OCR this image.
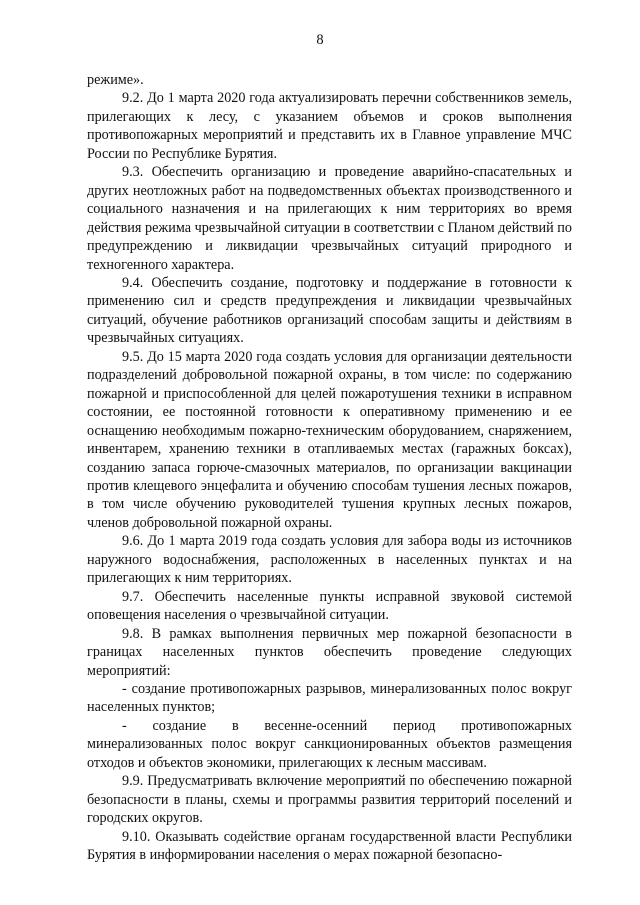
8

режиме».

9.2. До 1 марта 2020 года актуализировать перечни собственников земель, прилегающих к лесу, с указанием объемов и сроков выполнения противопожарных мероприятий и представить их в Главное управление МЧС России по Республике Бурятия.

9.3. Обеспечить организацию и проведение аварийно-спасательных и других неотложных работ на подведомственных объектах производственного и социального назначения и на прилегающих к ним территориях во время действия режима чрезвычайной ситуации в соответствии с Планом действий по предупреждению и ликвидации чрезвычайных ситуаций природного и техногенного характера.

9.4. Обеспечить создание, подготовку и поддержание в готовности к применению сил и средств предупреждения и ликвидации чрезвычайных ситуаций, обучение работников организаций способам защиты и действиям в чрезвычайных ситуациях.

9.5. До 15 марта 2020 года создать условия для организации деятельности подразделений добровольной пожарной охраны, в том числе: по содержанию пожарной и приспособленной для целей пожаротушения техники в исправном состоянии, ее постоянной готовности к оперативному применению и ее оснащению необходимым пожарно-техническим оборудованием, снаряжением, инвентарем, хранению техники в отапливаемых местах (гаражных боксах), созданию запаса горюче-смазочных материалов, по организации вакцинации против клещевого энцефалита и обучению способам тушения лесных пожаров, в том числе обучению руководителей тушения крупных лесных пожаров, членов добровольной пожарной охраны.

9.6. До 1 марта 2019 года создать условия для забора воды из источников наружного водоснабжения, расположенных в населенных пунктах и на прилегающих к ним территориях.

9.7. Обеспечить населенные пункты исправной звуковой системой оповещения населения о чрезвычайной ситуации.

9.8. В рамках выполнения первичных мер пожарной безопасности в границах населенных пунктов обеспечить проведение следующих мероприятий:

- создание противопожарных разрывов, минерализованных полос вокруг населенных пунктов;

- создание в весенне-осенний период противопожарных минерализованных полос вокруг санкционированных объектов размещения отходов и объектов экономики, прилегающих к лесным массивам.

9.9. Предусматривать включение мероприятий по обеспечению пожарной безопасности в планы, схемы и программы развития территорий поселений и городских округов.

9.10. Оказывать содействие органам государственной власти Республики Бурятия в информировании населения о мерах пожарной безопасно-
